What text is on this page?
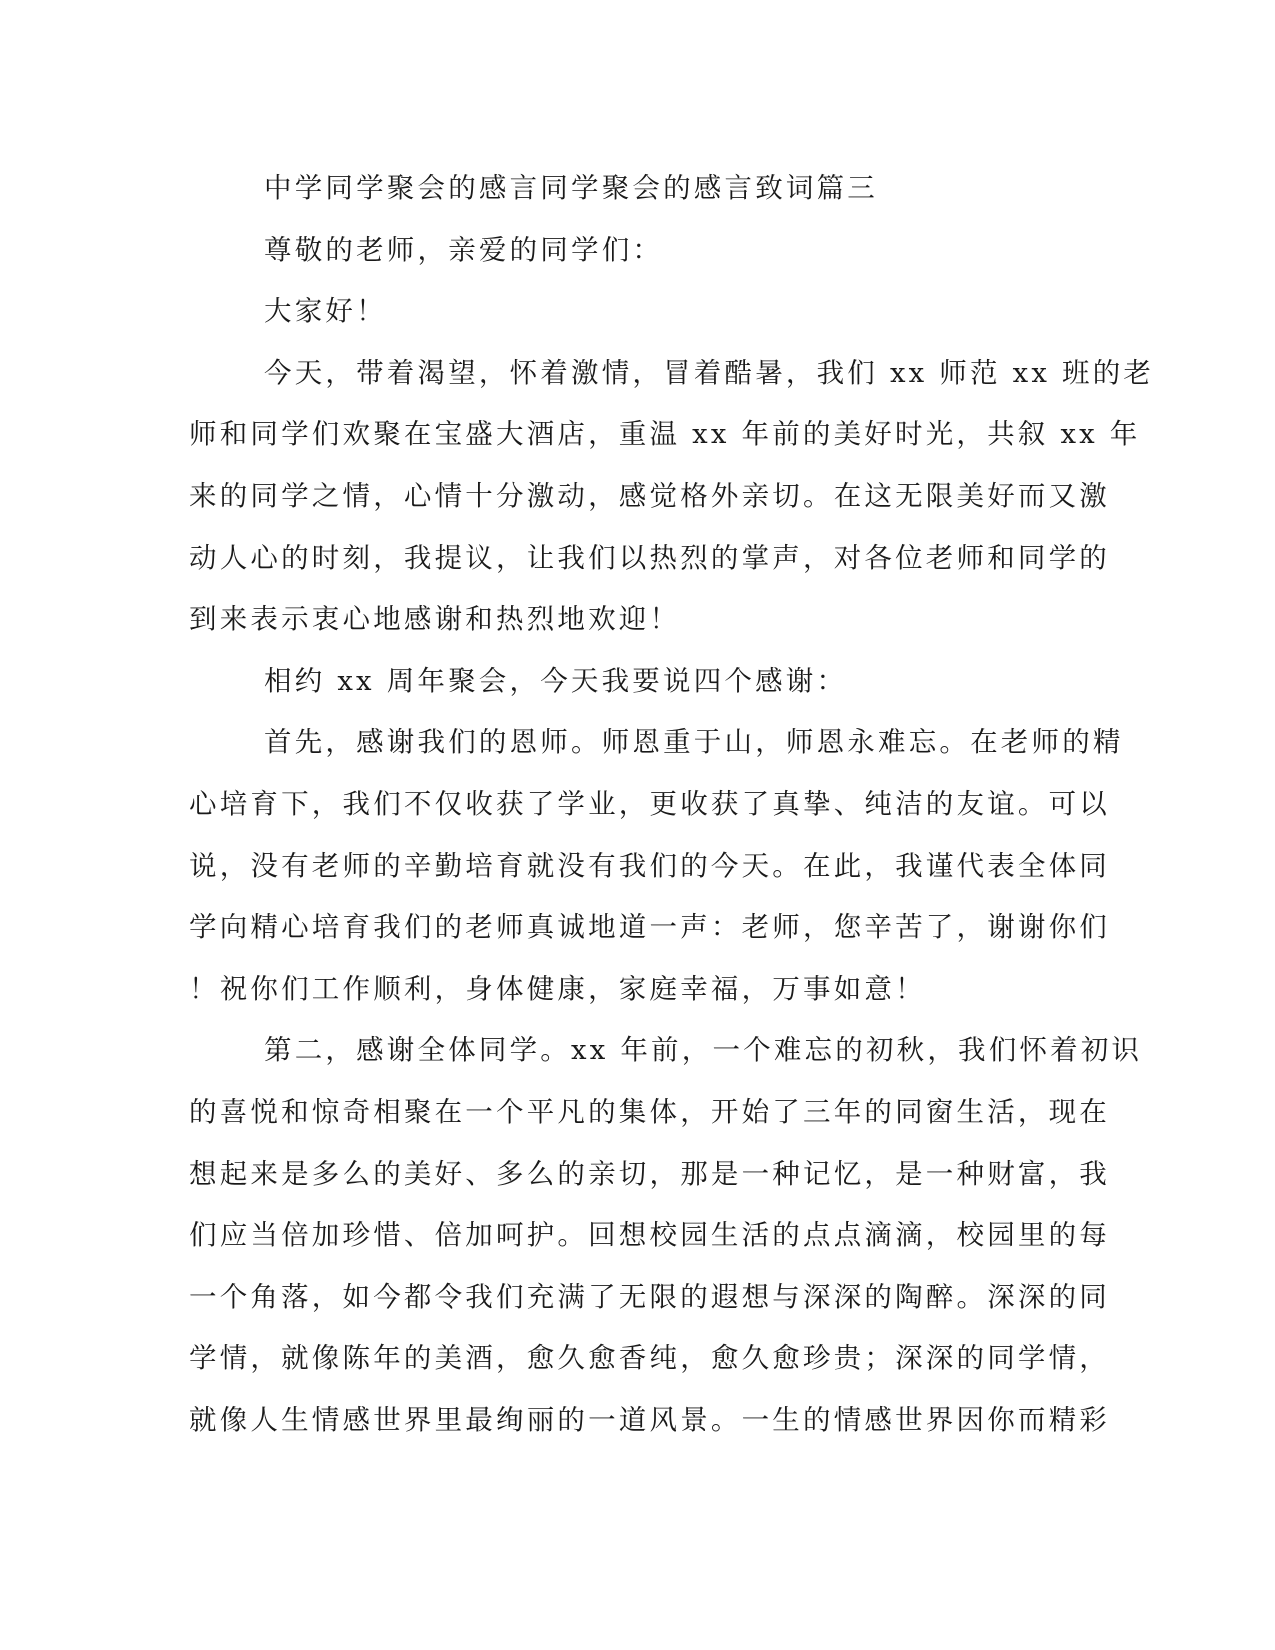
中学同学聚会的感言同学聚会的感言致词篇三
尊敬的老师，亲爱的同学们：
大家好！
今天，带着渴望，怀着激情，冒着酷暑，我们 xx 师范 xx 班的老
师和同学们欢聚在宝盛大酒店，重温 xx 年前的美好时光，共叙 xx 年
来的同学之情，心情十分激动，感觉格外亲切。在这无限美好而又激
动人心的时刻，我提议，让我们以热烈的掌声，对各位老师和同学的
到来表示衷心地感谢和热烈地欢迎！
相约 xx 周年聚会，今天我要说四个感谢：
首先，感谢我们的恩师。师恩重于山，师恩永难忘。在老师的精
心培育下，我们不仅收获了学业，更收获了真挚、纯洁的友谊。可以
说，没有老师的辛勤培育就没有我们的今天。在此，我谨代表全体同
学向精心培育我们的老师真诚地道一声：老师，您辛苦了，谢谢你们
！祝你们工作顺利，身体健康，家庭幸福，万事如意！
第二，感谢全体同学。xx 年前，一个难忘的初秋，我们怀着初识
的喜悦和惊奇相聚在一个平凡的集体，开始了三年的同窗生活，现在
想起来是多么的美好、多么的亲切，那是一种记忆，是一种财富，我
们应当倍加珍惜、倍加呵护。回想校园生活的点点滴滴，校园里的每
一个角落，如今都令我们充满了无限的遐想与深深的陶醉。深深的同
学情，就像陈年的美酒，愈久愈香纯，愈久愈珍贵；深深的同学情，
就像人生情感世界里最绚丽的一道风景。一生的情感世界因你而精彩
